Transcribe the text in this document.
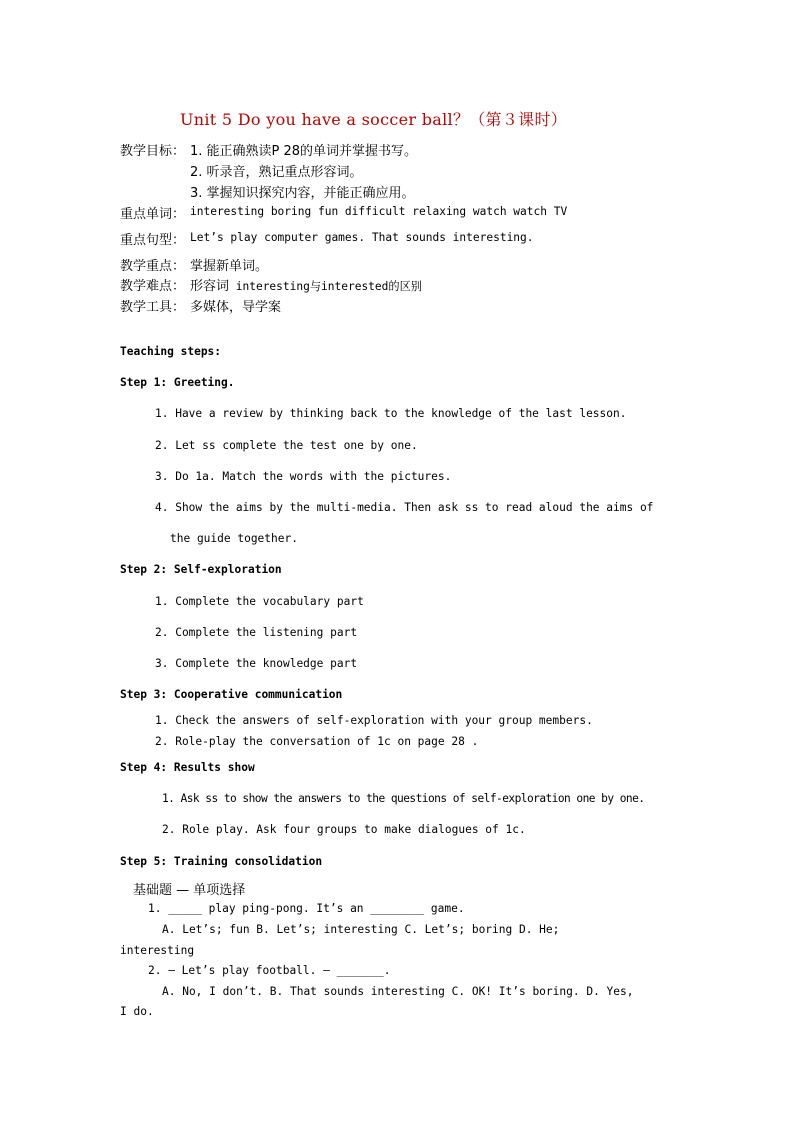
Unit 5 Do you have a soccer ball？（第３课时）
教学目标： 1. 能正确熟读P 28的单词并掌握书写。
2. 听录音，熟记重点形容词。
3. 掌握知识探究内容，并能正确应用。
重点单词： interesting boring fun difficult relaxing watch watch TV
重点句型： Let’s play computer games. That sounds interesting.
教学重点： 掌握新单词。
教学难点： 形容词 interesting与interested的区别
教学工具： 多媒体，导学案
Teaching steps:
Step 1: Greeting.
1. Have a review by thinking back to the knowledge of the last lesson.
2. Let ss complete the test one by one.
3. Do 1a. Match the words with the pictures.
4. Show the aims by the multi-media. Then ask ss to read aloud the aims of
the guide together.
Step 2: Self-exploration
1. Complete the vocabulary part
2. Complete the listening part
3. Complete the knowledge part
Step 3: Cooperative communication
1. Check the answers of self-exploration with your group members.
2. Role-play the conversation of 1c on page 28 .
Step 4: Results show
1. Ask ss to show the answers to the questions of self-exploration one by one.
2. Role play. Ask four groups to make dialogues of 1c.
Step 5: Training consolidation
基础题 — 单项选择
1. _____ play ping-pong. It’s an ________ game.
A. Let’s; fun B. Let’s; interesting C. Let’s; boring D. He;
interesting
2. — Let’s play football. — _______.
A. No, I don’t. B. That sounds interesting C. OK! It’s boring. D. Yes,
I do.
